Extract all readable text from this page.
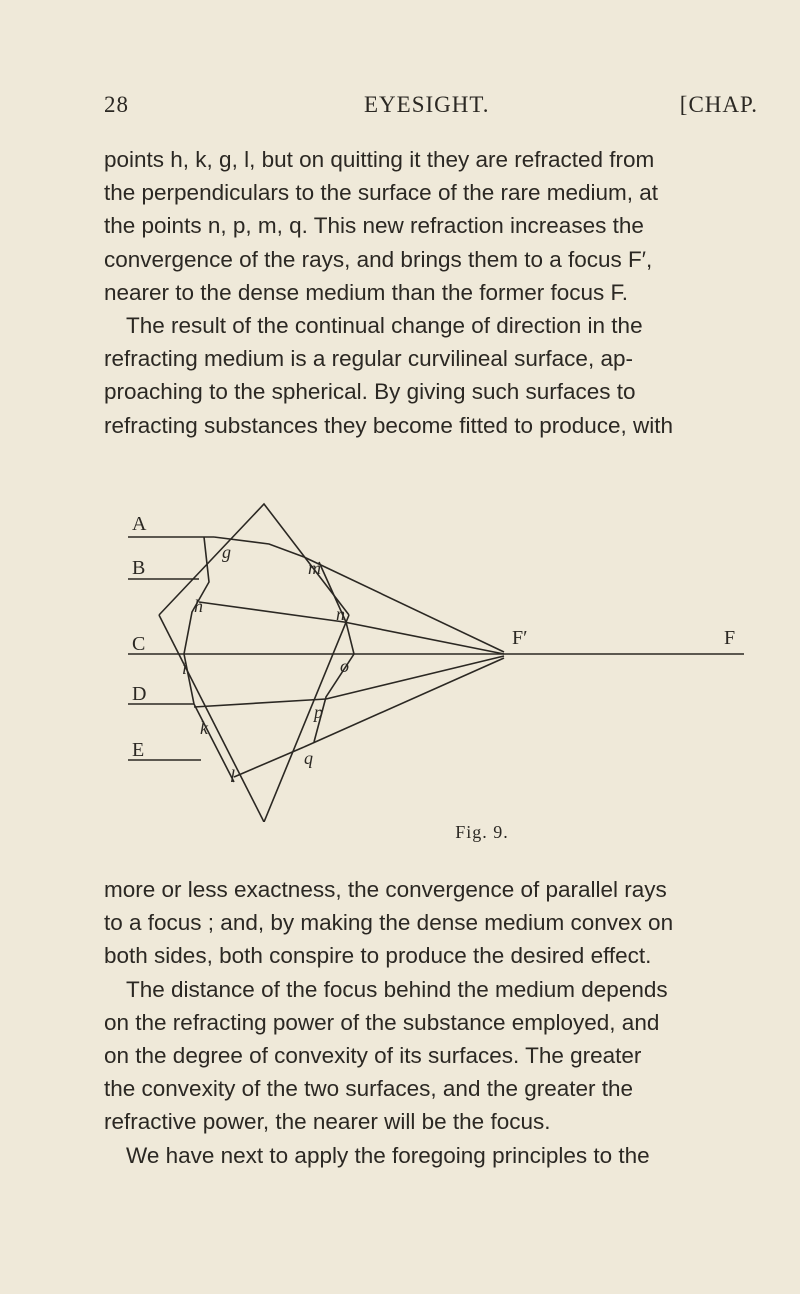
28	EYESIGHT.	[CHAP.
points h, k, g, l, but on quitting it they are refracted from
the perpendiculars to the surface of the rare medium, at
the points n, p, m, q. This new refraction increases the
convergence of the rays, and brings them to a focus F′,
nearer to the dense medium than the former focus F.
The result of the continual change of direction in the
refracting medium is a regular curvilineal surface, ap-
proaching to the spherical. By giving such surfaces to
refracting substances they become fitted to produce, with
A
B
C
D
E
F′	F
g
h
i
k
l
m
n
o
p
q
Fig. 9.
more or less exactness, the convergence of parallel rays
to a focus ; and, by making the dense medium convex on
both sides, both conspire to produce the desired effect.
The distance of the focus behind the medium depends
on the refracting power of the substance employed, and
on the degree of convexity of its surfaces. The greater
the convexity of the two surfaces, and the greater the
refractive power, the nearer will be the focus.
We have next to apply the foregoing principles to the
